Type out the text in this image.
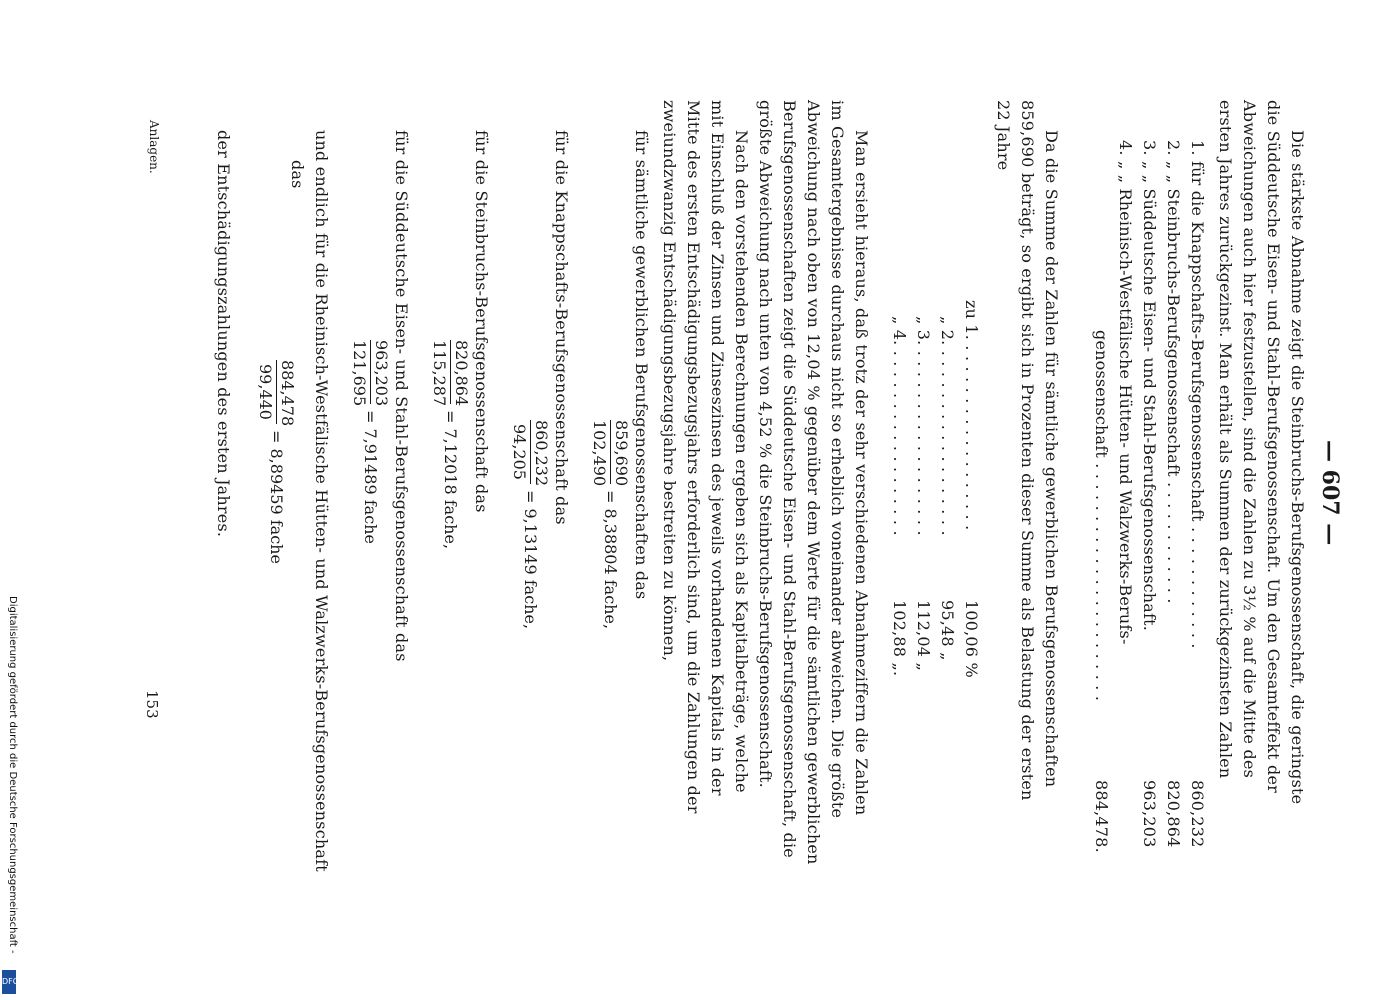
— 607 —
Die stärkste Abnahme zeigt die Steinbruchs-Berufsgenossenschaft, die geringste
die Süddeutsche Eisen- und Stahl-Berufsgenossenschaft. Um den Gesamteffekt der
Abweichungen auch hier festzustellen, sind die Zahlen zu 3½ % auf die Mitte des
ersten Jahres zurückgezinst. Man erhält als Summen der zurückgezinsten Zahlen
1. für die Knappschafts-Berufsgenossenschaft . . . . . . . . . . . .
860,232
2. „ „ Steinbruchs-Berufsgenossenschaft . . . . . . . . . . . .
820,864
3. „ „ Süddeutsche Eisen- und Stahl-Berufsgenossenschaft.
963,203
4. „ „ Rheinisch-Westfälische Hütten- und Walzwerks-Berufs-
genossenschaft . . . . . . . . . . . . . . . . . . . . . . .
884,478.
Da die Summe der Zahlen für sämtliche gewerblichen Berufsgenossenschaften
859,690 beträgt, so ergibt sich in Prozenten dieser Summe als Belastung der ersten
22 Jahre
zu 1. . . . . . . . . . . . . . . . . . .
100,06 %
„ 2. . . . . . . . . . . . . . . . . . .
95,48 „
„ 3. . . . . . . . . . . . . . . . . . .
112,04 „
„ 4. . . . . . . . . . . . . . . . . . .
102,88 „.
Man ersieht hieraus, daß trotz der sehr verschiedenen Abnahmeziffern die Zahlen
im Gesamtergebnisse durchaus nicht so erheblich voneinander abweichen. Die größte
Abweichung nach oben von 12,04 % gegenüber dem Werte für die sämtlichen gewerblichen
Berufsgenossenschaften zeigt die Süddeutsche Eisen- und Stahl-Berufsgenossenschaft, die
größte Abweichung nach unten von 4,52 % die Steinbruchs-Berufsgenossenschaft.
Nach den vorstehenden Berechnungen ergeben sich als Kapitalbeträge, welche
mit Einschluß der Zinsen und Zinseszinsen des jeweils vorhandenen Kapitals in der
Mitte des ersten Entschädigungsbezugsjahrs erforderlich sind, um die Zahlungen der
zweiundzwanzig Entschädigungsbezugsjahre bestreiten zu können,
für sämtliche gewerblichen Berufsgenossenschaften das
859,690
102,490
= 8,38804 fache,
für die Knappschafts-Berufsgenossenschaft das
860,232
94,205
= 9,13149 fache,
für die Steinbruchs-Berufsgenossenschaft das
820,864
115,287
= 7,12018 fache,
für die Süddeutsche Eisen- und Stahl-Berufsgenossenschaft das
963,203
121,695
= 7,91489 fache
und endlich für die Rheinisch-Westfälische Hütten- und Walzwerks-Berufsgenossenschaft
das
884,478
99,440
= 8,89459 fache
der Entschädigungszahlungen des ersten Jahres.
Anlagen.
153
Digitalisierung gefördert durch die Deutsche Forschungsgemeinschaft -
DFG
